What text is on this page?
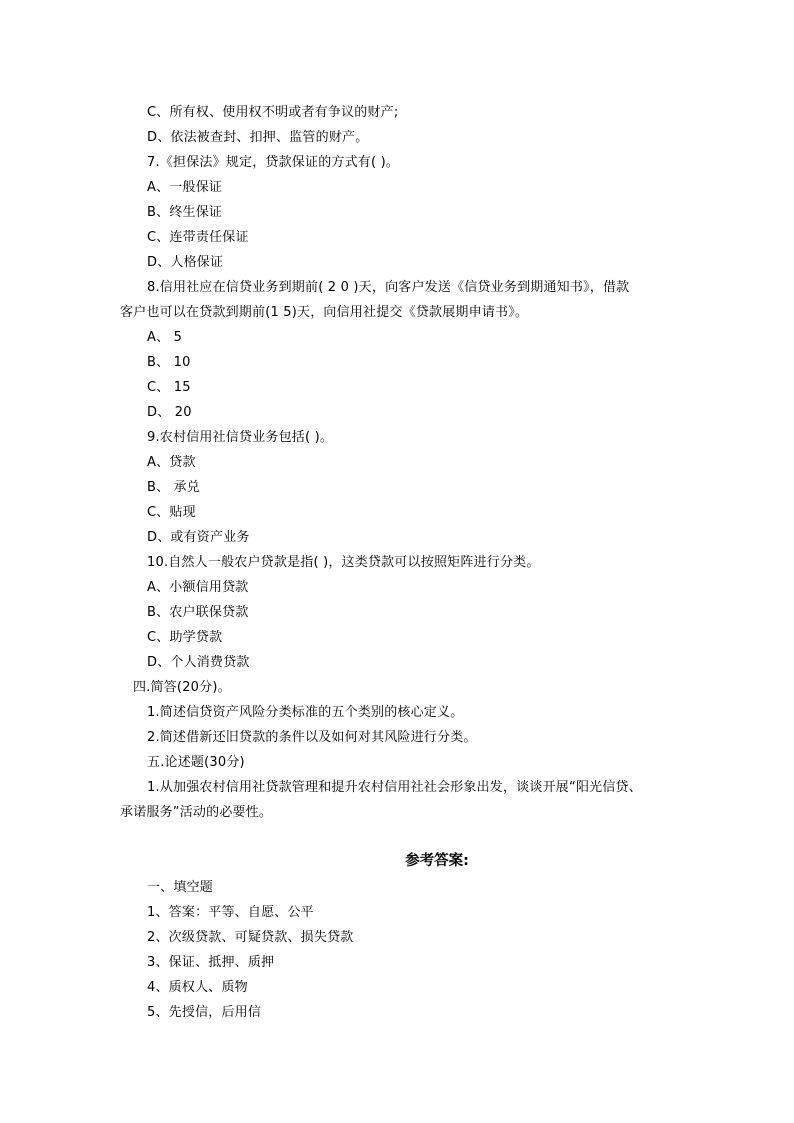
C、所有权、使用权不明或者有争议的财产;
D、依法被查封、扣押、监管的财产。
7.《担保法》规定，贷款保证的方式有( )。
A、一般保证
B、终生保证
C、连带责任保证
D、人格保证
8.信用社应在信贷业务到期前( 2 0 )天，向客户发送《信贷业务到期通知书》，借款
客户也可以在贷款到期前(1 5)天，向信用社提交《贷款展期申请书》。
A、 5
B、 10
C、 15
D、 20
9.农村信用社信贷业务包括( )。
A、贷款
B、 承兑
C、贴现
D、或有资产业务
10.自然人一般农户贷款是指( )，这类贷款可以按照矩阵进行分类。
A、小额信用贷款
B、农户联保贷款
C、助学贷款
D、个人消费贷款
四.简答(20分)。
1.简述信贷资产风险分类标准的五个类别的核心定义。
2.简述借新还旧贷款的条件以及如何对其风险进行分类。
五.论述题(30分)
1.从加强农村信用社贷款管理和提升农村信用社社会形象出发，谈谈开展“阳光信贷、
承诺服务”活动的必要性。
参考答案:
一、填空题
1、答案：平等、自愿、公平
2、次级贷款、可疑贷款、损失贷款
3、保证、抵押、质押
4、质权人、质物
5、先授信，后用信
